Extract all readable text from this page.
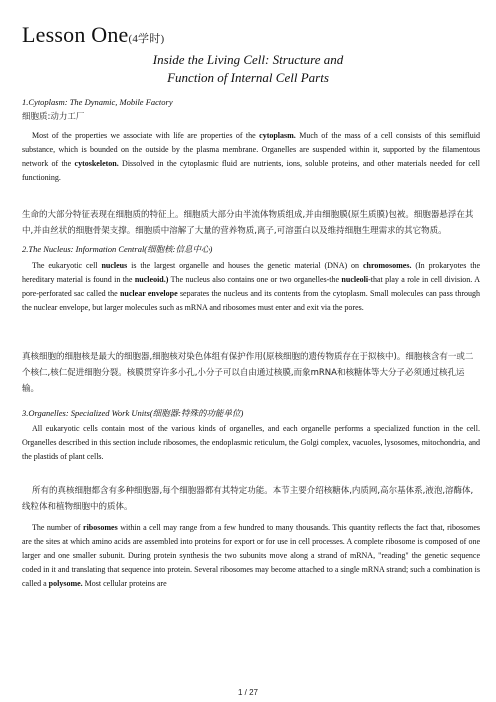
Lesson One(4学时)
Inside the Living Cell: Structure and
Function of Internal Cell Parts
1.Cytoplasm: The Dynamic, Mobile Factory
细胞质:动力工厂
Most of the properties we associate with life are properties of the cytoplasm. Much of the mass of a cell consists of this semifluid substance, which is bounded on the outside by the plasma membrane. Organelles are suspended within it, supported by the filamentous network of the cytoskeleton. Dissolved in the cytoplasmic fluid are nutrients, ions, soluble proteins, and other materials needed for cell functioning.
生命的大部分特征表现在细胞质的特征上。细胞质大部分由半流体物质组成,并由细胞膜(原生质膜)包被。细胞器悬浮在其中,并由丝状的细胞骨架支撑。细胞质中溶解了大量的营养物质,离子,可溶蛋白以及维持细胞生理需求的其它物质。
2.The Nucleus: Information Central(细胞核:信息中心)
The eukaryotic cell nucleus is the largest organelle and houses the genetic material (DNA) on chromosomes. (In prokaryotes the hereditary material is found in the nucleoid.) The nucleus also contains one or two organelles-the nucleoli-that play a role in cell division. A pore-perforated sac called the nuclear envelope separates the nucleus and its contents from the cytoplasm. Small molecules can pass through the nuclear envelope, but larger molecules such as mRNA and ribosomes must enter and exit via the pores.
真核细胞的细胞核是最大的细胞器,细胞核对染色体组有保护作用(原核细胞的遗传物质存在于拟核中)。细胞核含有一或二个核仁,核仁促进细胞分裂。核膜贯穿许多小孔,小分子可以自由通过核膜,而象mRNA和核糖体等大分子必须通过核孔运输。
3.Organelles: Specialized Work Units(细胞器:特殊的功能单位)
All eukaryotic cells contain most of the various kinds of organelles, and each organelle performs a specialized function in the cell. Organelles described in this section include ribosomes, the endoplasmic reticulum, the Golgi complex, vacuoles, lysosomes, mitochondria, and the plastids of plant cells.
所有的真核细胞都含有多种细胞器,每个细胞器都有其特定功能。本节主要介绍核糖体,内质网,高尔基体系,液泡,溶酶体,线粒体和植物细胞中的质体。
The number of ribosomes within a cell may range from a few hundred to many thousands. This quantity reflects the fact that, ribosomes are the sites at which amino acids are assembled into proteins for export or for use in cell processes. A complete ribosome is composed of one larger and one smaller subunit. During protein synthesis the two subunits move along a strand of mRNA, "reading" the genetic sequence coded in it and translating that sequence into protein. Several ribosomes may become attached to a single mRNA strand; such a combination is called a polysome. Most cellular proteins are
1 / 27
